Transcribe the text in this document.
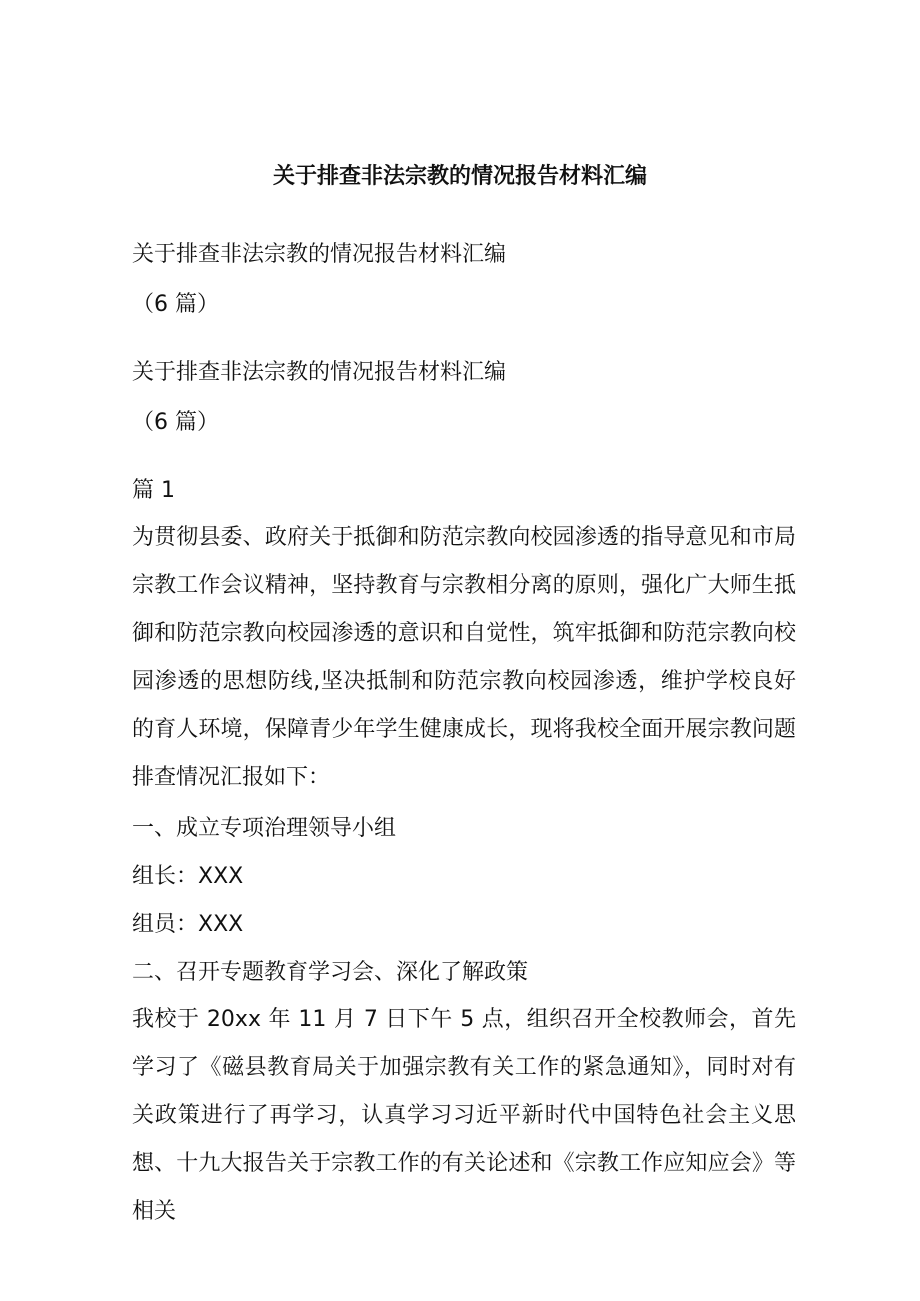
关于排查非法宗教的情况报告材料汇编
关于排查非法宗教的情况报告材料汇编
（6 篇）
关于排查非法宗教的情况报告材料汇编
（6 篇）
篇 1
为贯彻县委、政府关于抵御和防范宗教向校园渗透的指导意见和市局宗教工作会议精神，坚持教育与宗教相分离的原则，强化广大师生抵御和防范宗教向校园渗透的意识和自觉性，筑牢抵御和防范宗教向校园渗透的思想防线,坚决抵制和防范宗教向校园渗透，维护学校良好的育人环境，保障青少年学生健康成长，现将我校全面开展宗教问题排查情况汇报如下：
一、成立专项治理领导小组
组长：XXX
组员：XXX
二、召开专题教育学习会、深化了解政策
我校于 20xx 年 11 月 7 日下午 5 点，组织召开全校教师会，首先学习了《磁县教育局关于加强宗教有关工作的紧急通知》，同时对有关政策进行了再学习，认真学习习近平新时代中国特色社会主义思想、十九大报告关于宗教工作的有关论述和《宗教工作应知应会》等相关
